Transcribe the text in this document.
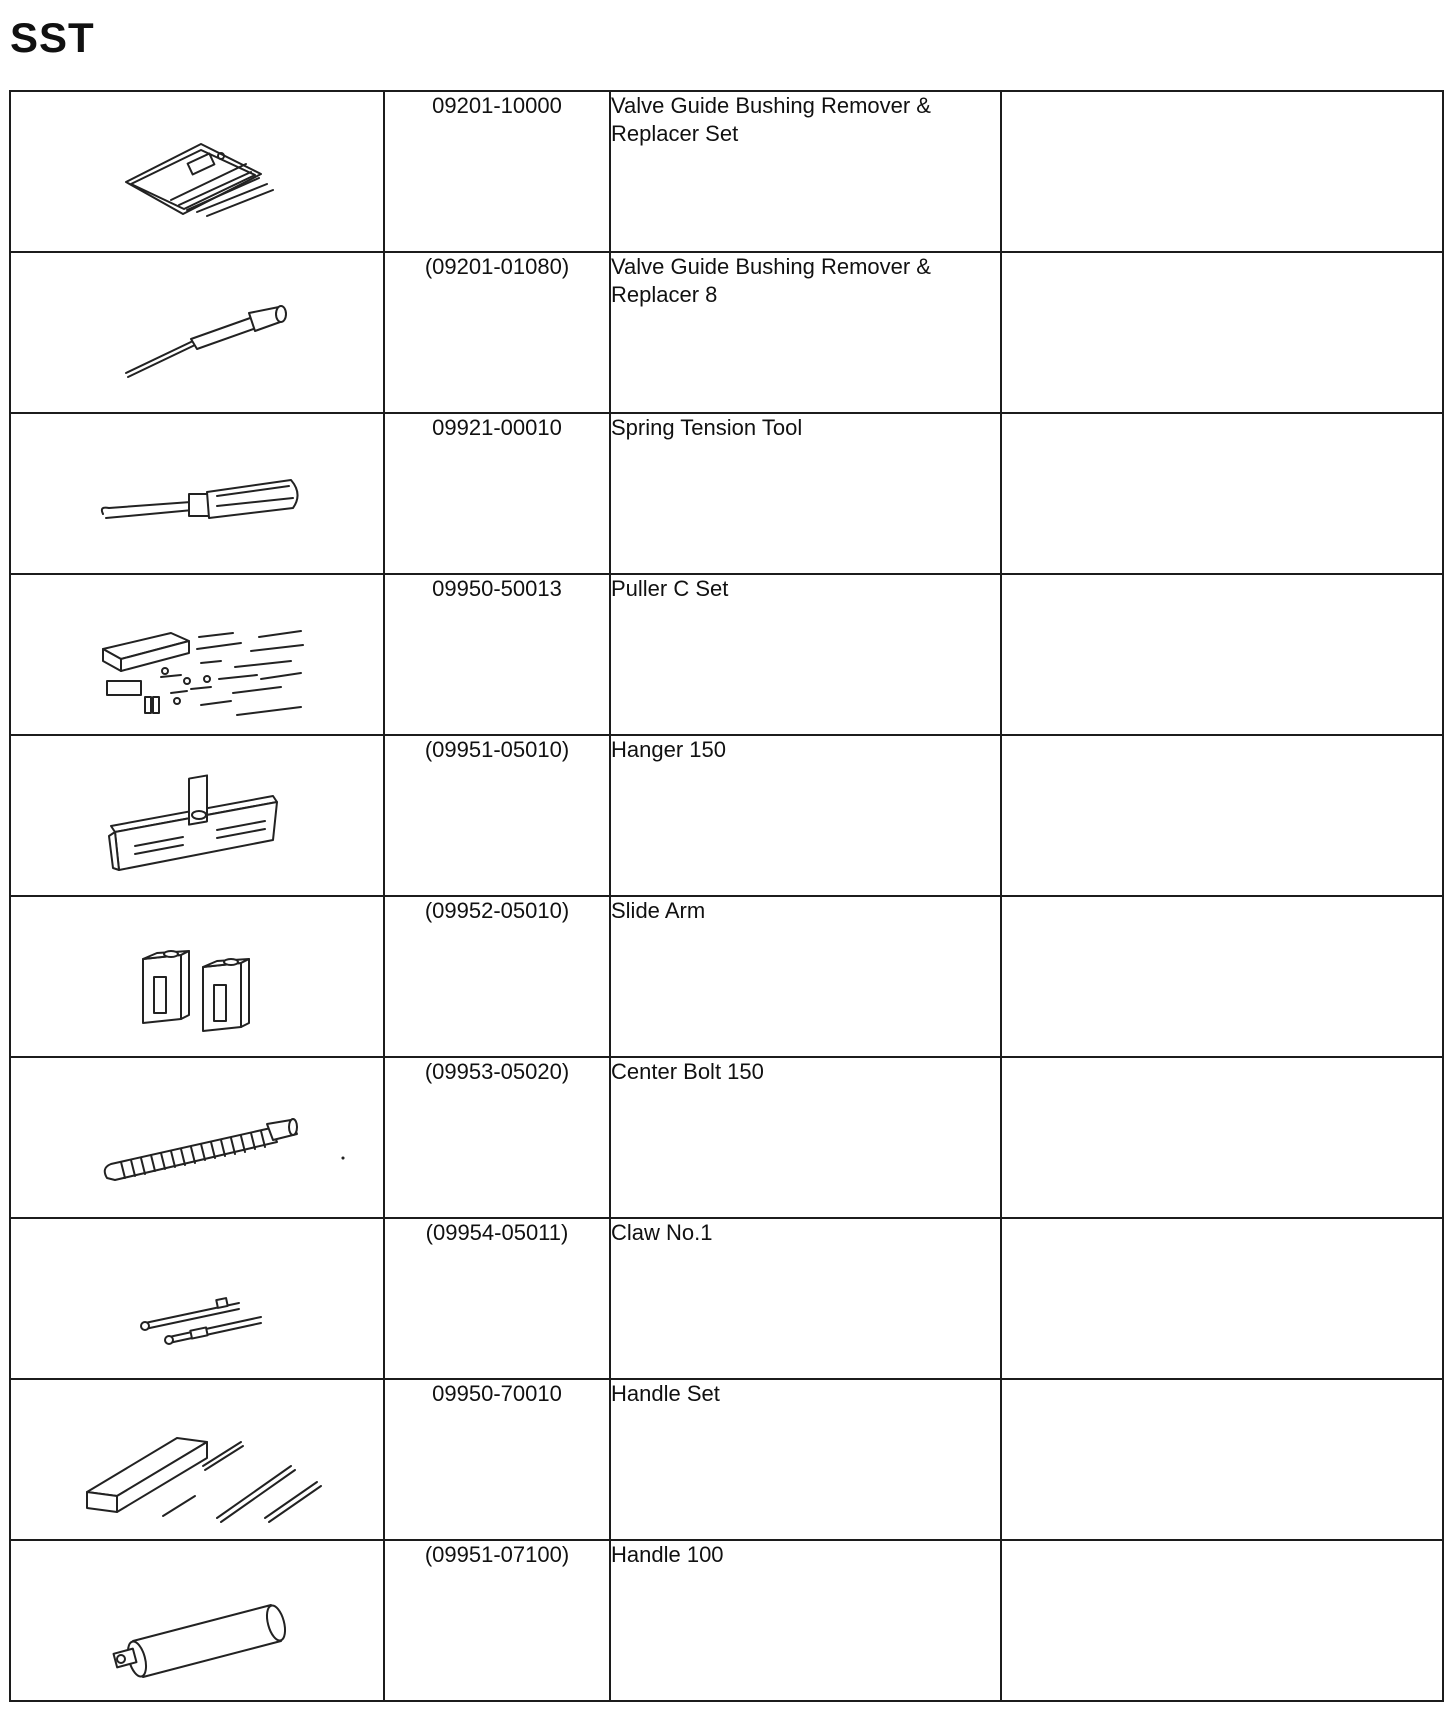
SST
	09201-10000	Valve Guide Bushing Remover & Replacer Set	

	(09201-01080)	Valve Guide Bushing Remover & Replacer 8	

	09921-00010	Spring Tension Tool	

	09950-50013	Puller C Set	

	(09951-05010)	Hanger 150	

	(09952-05010)	Slide Arm	

	(09953-05020)	Center Bolt 150	

	(09954-05011)	Claw No.1	

	09950-70010	Handle Set	

	(09951-07100)	Handle 100	
